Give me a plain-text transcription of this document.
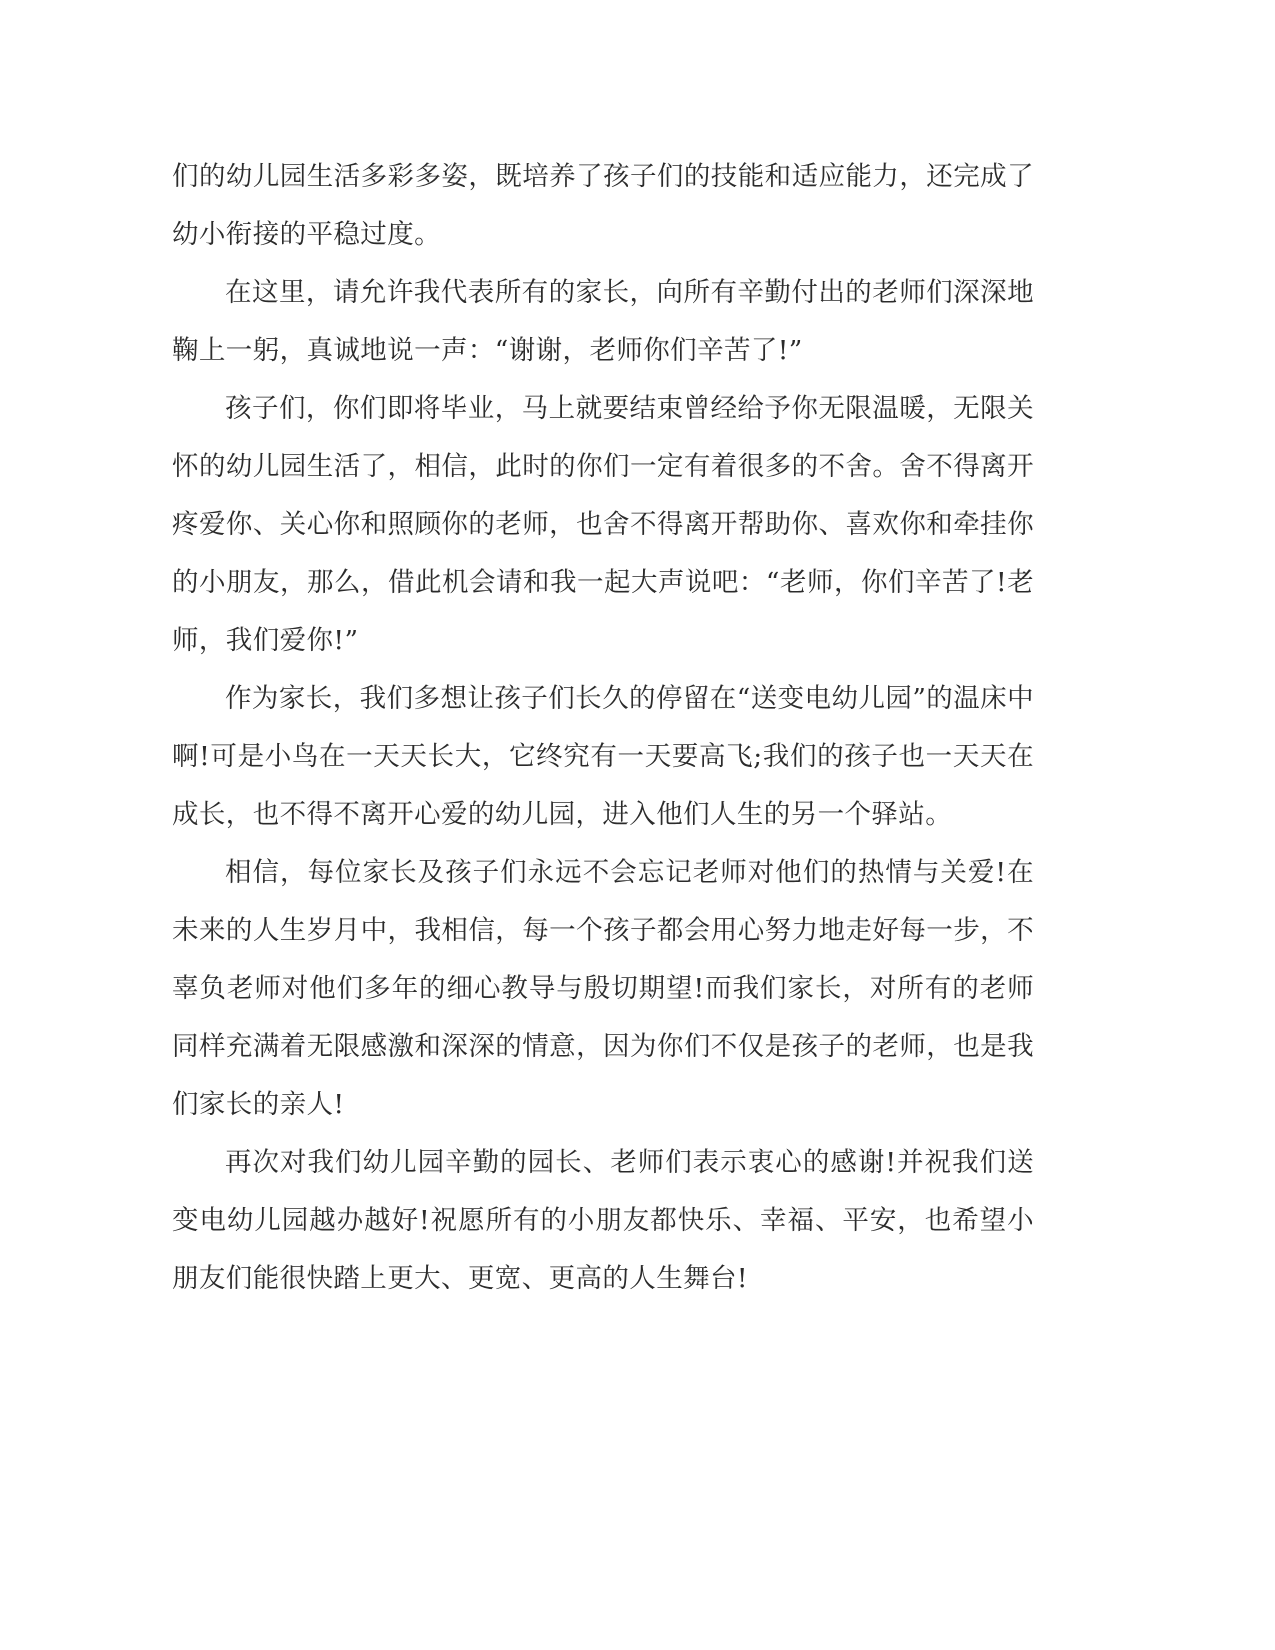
们的幼儿园生活多彩多姿，既培养了孩子们的技能和适应能力，还完成了幼小衔接的平稳过度。

在这里，请允许我代表所有的家长，向所有辛勤付出的老师们深深地鞠上一躬，真诚地说一声：“谢谢，老师你们辛苦了!”

孩子们，你们即将毕业，马上就要结束曾经给予你无限温暖，无限关怀的幼儿园生活了，相信，此时的你们一定有着很多的不舍。舍不得离开疼爱你、关心你和照顾你的老师，也舍不得离开帮助你、喜欢你和牵挂你的小朋友，那么，借此机会请和我一起大声说吧：“老师，你们辛苦了!老师，我们爱你!”

作为家长，我们多想让孩子们长久的停留在“送变电幼儿园”的温床中啊!可是小鸟在一天天长大，它终究有一天要高飞;我们的孩子也一天天在成长，也不得不离开心爱的幼儿园，进入他们人生的另一个驿站。

相信，每位家长及孩子们永远不会忘记老师对他们的热情与关爱!在未来的人生岁月中，我相信，每一个孩子都会用心努力地走好每一步，不辜负老师对他们多年的细心教导与殷切期望!而我们家长，对所有的老师同样充满着无限感激和深深的情意，因为你们不仅是孩子的老师，也是我们家长的亲人!

再次对我们幼儿园辛勤的园长、老师们表示衷心的感谢!并祝我们送变电幼儿园越办越好!祝愿所有的小朋友都快乐、幸福、平安，也希望小朋友们能很快踏上更大、更宽、更高的人生舞台!
